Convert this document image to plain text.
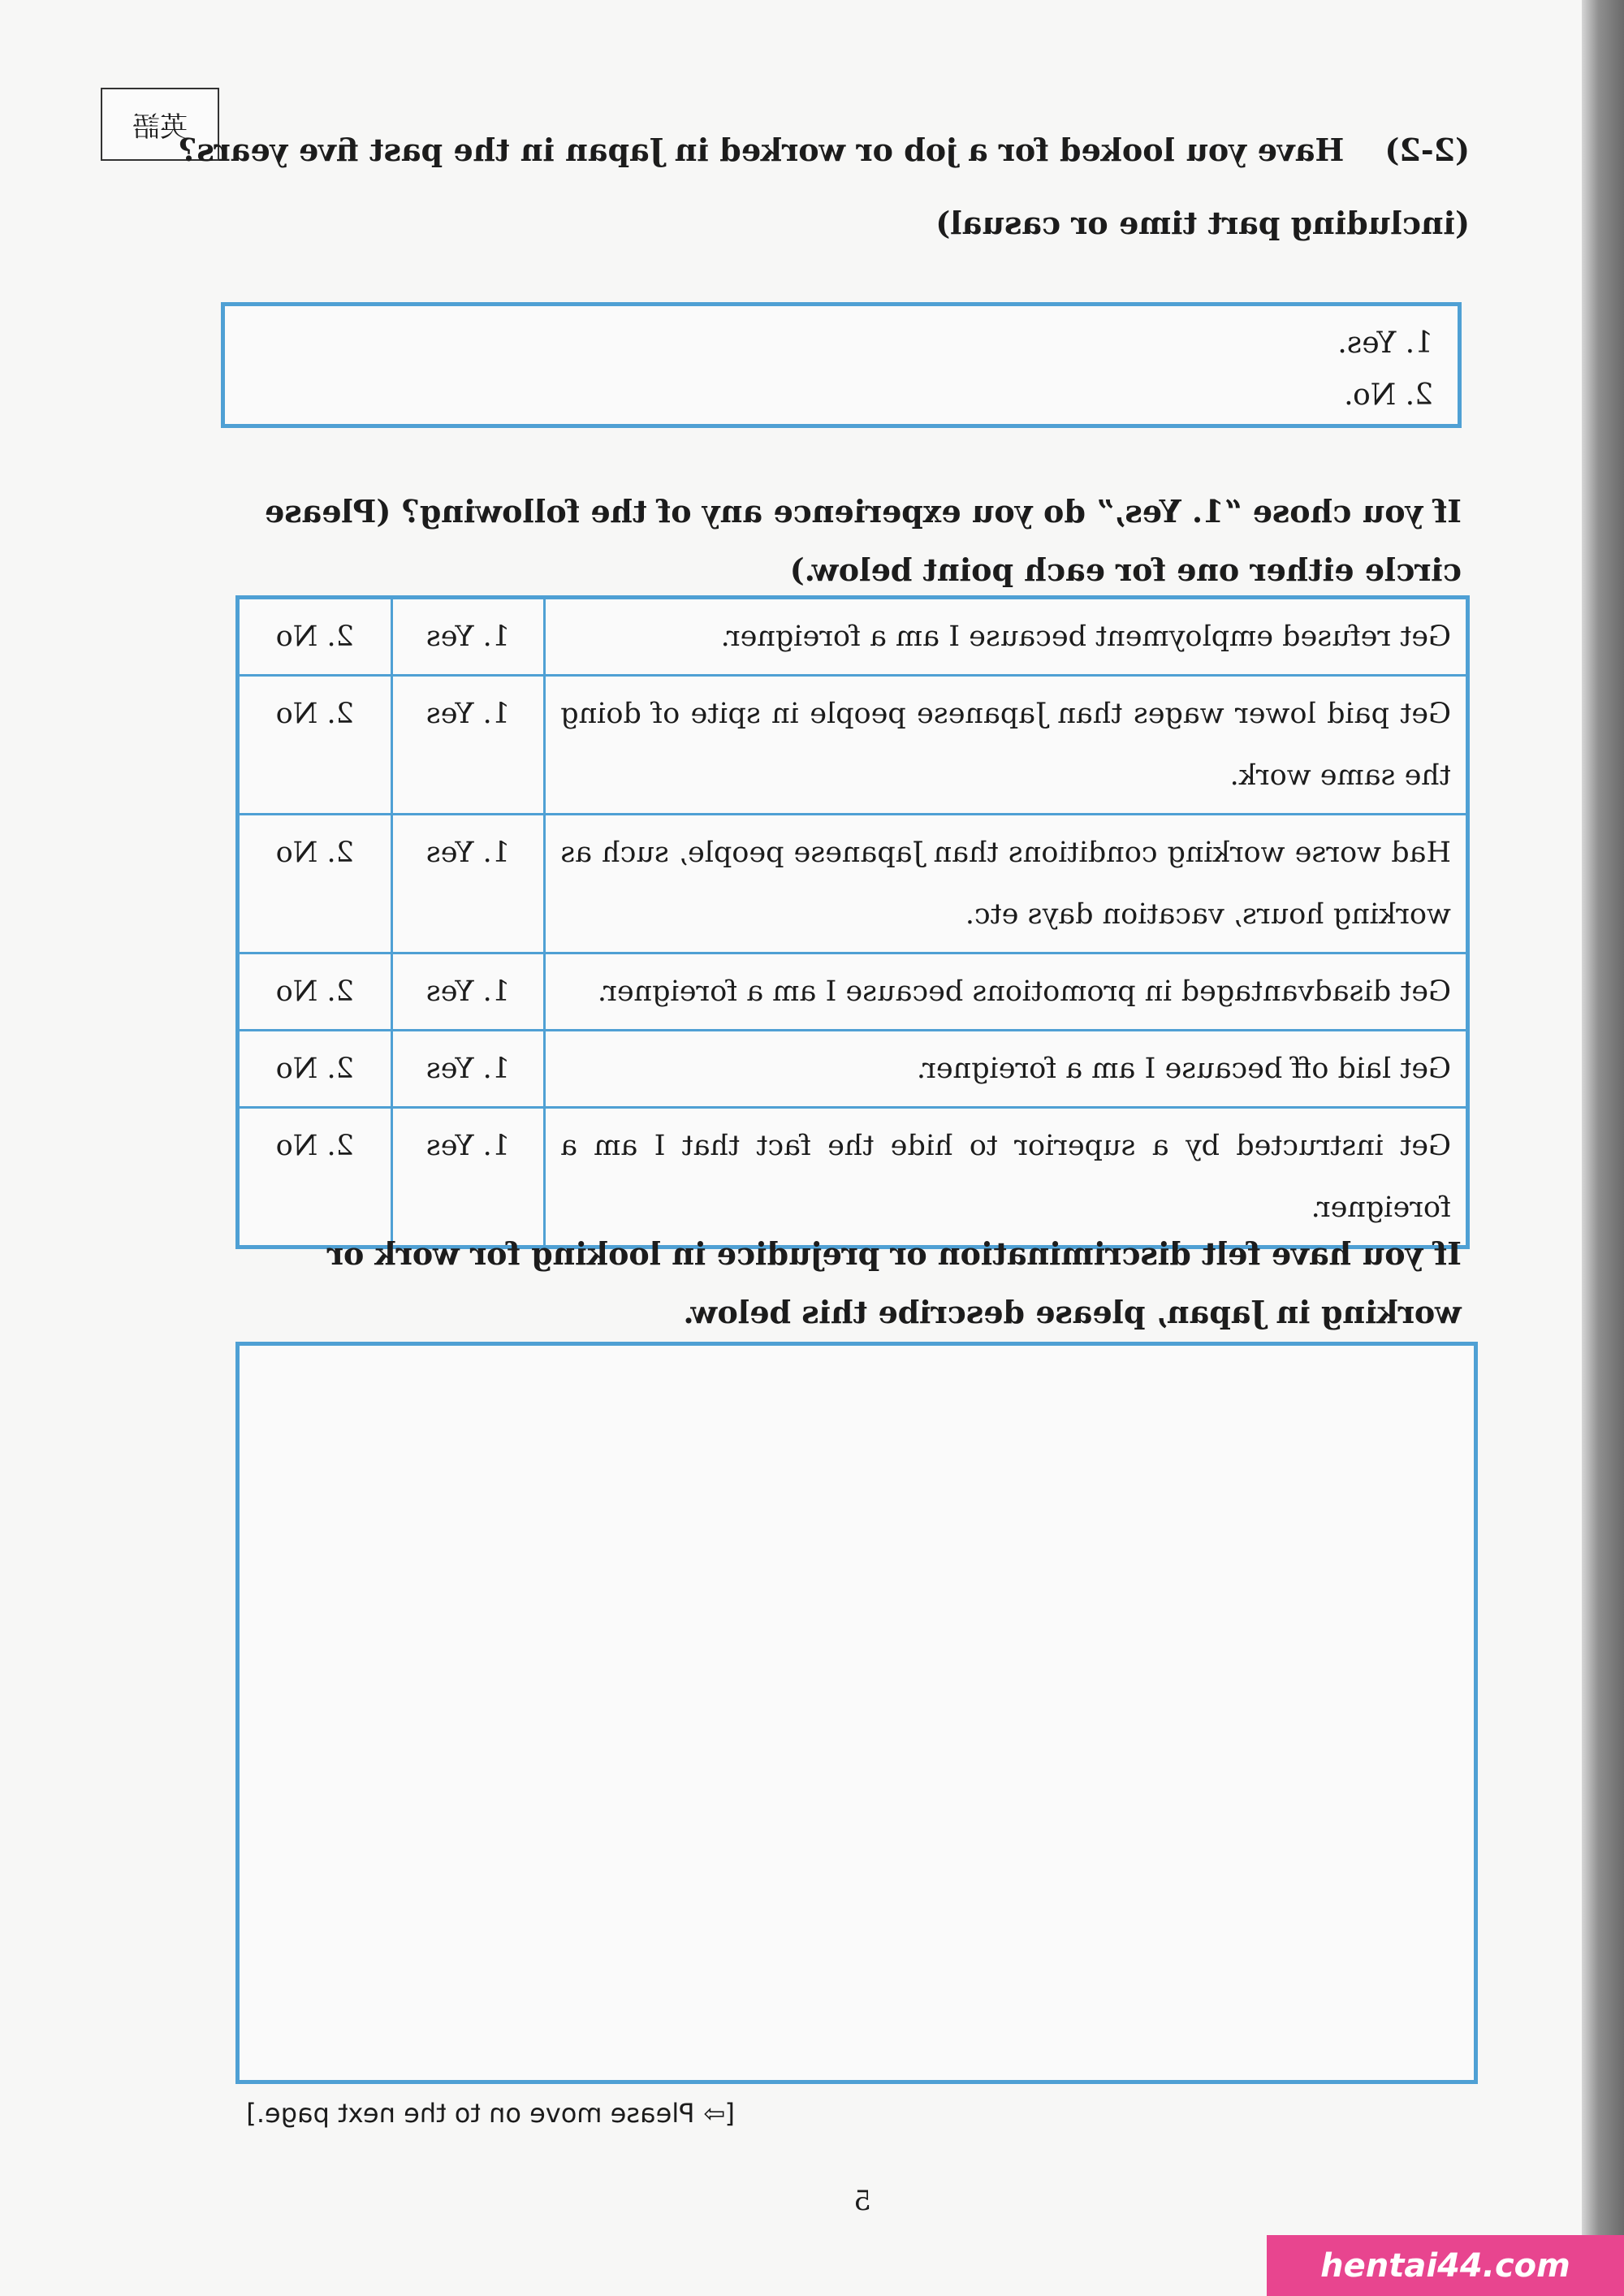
英語
(2-2)Have you looked for a job or worked in Japan in the past five years?
(including part time or casual)
1. Yes.
2. No.
If you chose “1. Yes,” do you experience any of the following? (Please circle either one for each point below.)
Get refused employment because I am a foreigner.	1. Yes	2. No
Get paid lower wages than Japanese people in spite of doing the same work.	1. Yes	2. No
Had worse working conditions than Japanese people, such as working hours, vacation days etc.	1. Yes	2. No
Get disadvantaged in promotions because I am a foreigner.	1. Yes	2. No
Get laid off because I am a foreigner.	1. Yes	2. No
Get instructed by a superior to hide the fact that I am a foreigner.	1. Yes	2. No
If you have felt discrimination or prejudice in looking for work or working in Japan, please describe this below.
[⇨ Please move on to the next page.]
5
hentai44.com
